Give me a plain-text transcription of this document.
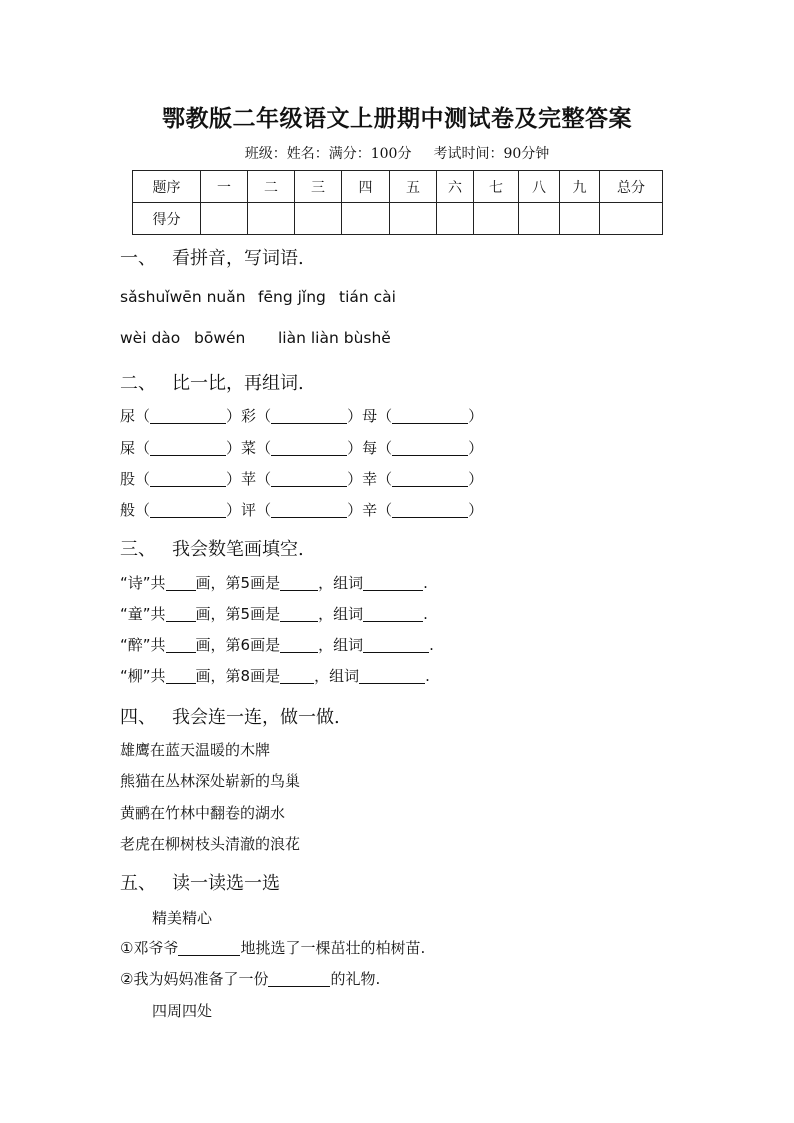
鄂教版二年级语文上册期中测试卷及完整答案
班级：姓名：满分：100分 考试时间：90分钟
题序	一	二	三	四	五	六	七	八	九	总分
得分										
一、 看拼音，写词语.
sǎshuǐwēn nuǎn fēng jǐng tián cài
wèi dào bōwén liàn liàn bùshě
二、 比一比，再组词.
尿（	）彩（	）母（	）
屎（	）菜（	）每（	）
股（	）苹（	）幸（	）
般（	）评（	）辛（	）
三、 我会数笔画填空.
“诗”共 画，第5画是	，组词	.
“童”共 画，第5画是	，组词	.
“醉”共 画，第6画是	，组词	.
“柳”共 画，第8画是 ，组词	.
四、 我会连一连，做一做.
雄鹰在蓝天温暖的木牌
熊猫在丛林深处崭新的鸟巢
黄鹂在竹林中翻卷的湖水
老虎在柳树枝头清澈的浪花
五、 读一读选一选
精美精心
①邓爷爷	地挑选了一棵茁壮的柏树苗.
②我为妈妈准备了一份	的礼物.
四周四处
